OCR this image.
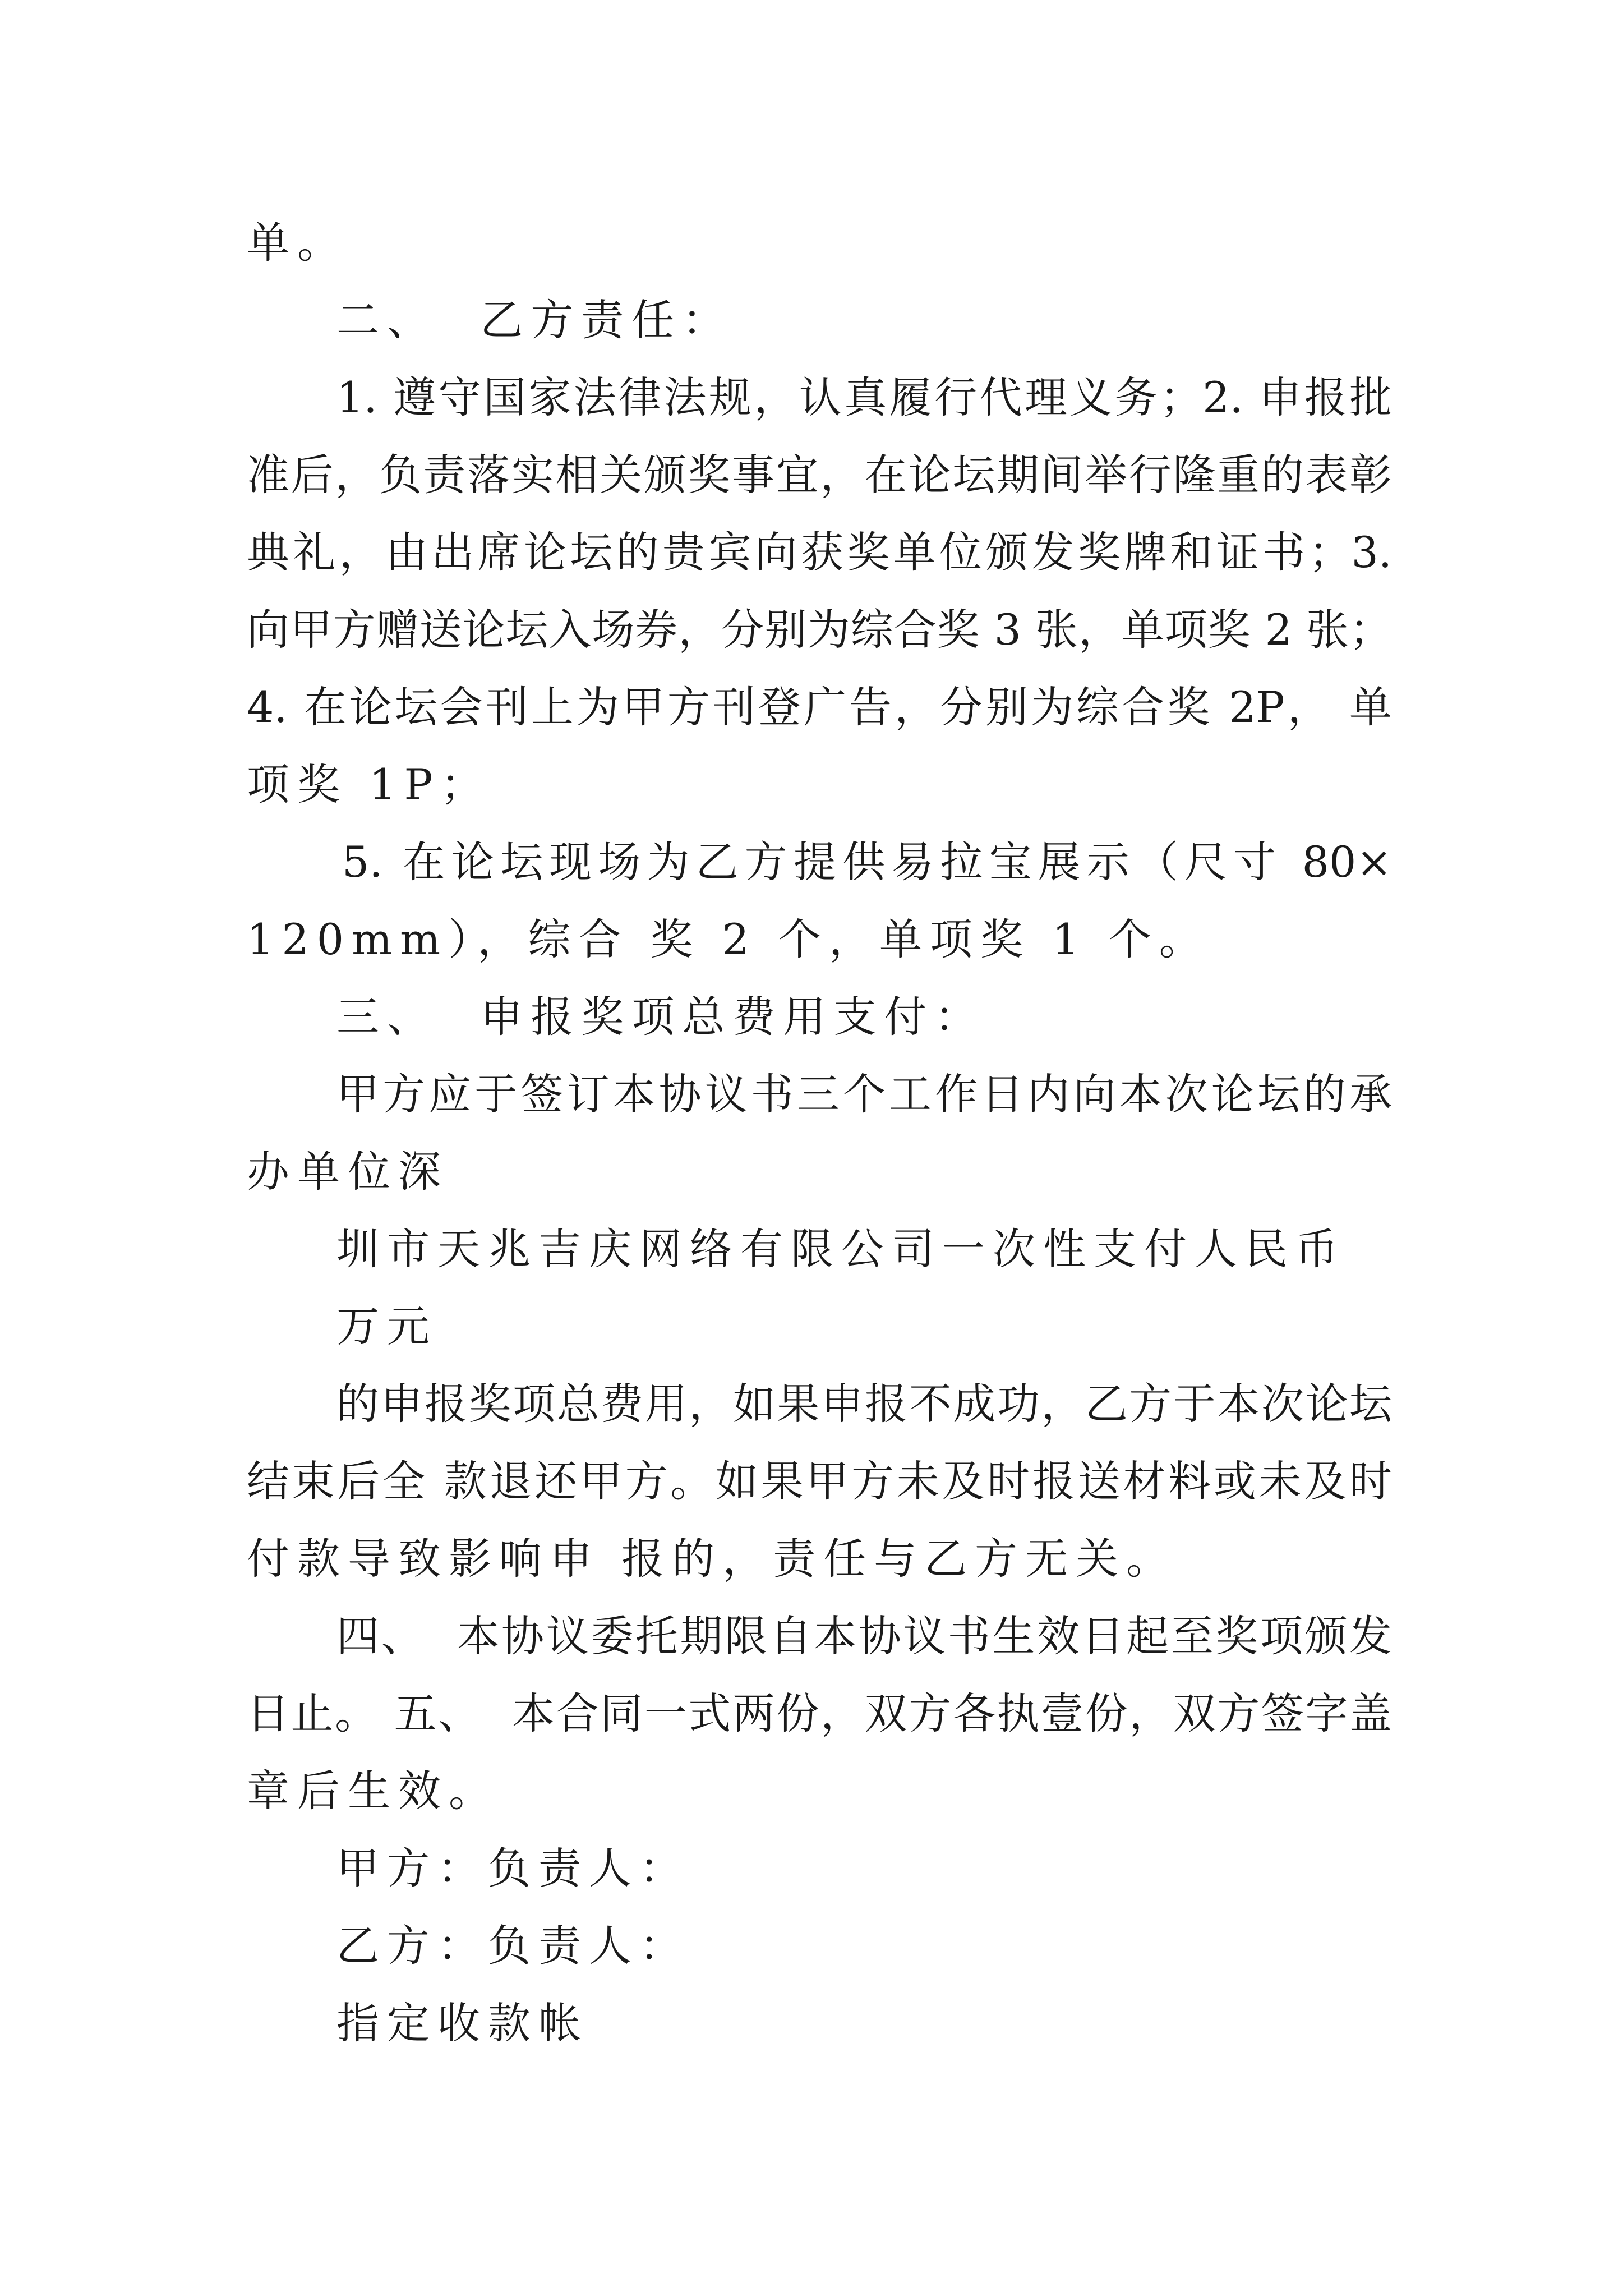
单。
二、  乙方责任：
1. 遵守国家法律法规，认真履行代理义务；2. 申报批
准后，负责落实相关颁奖事宜，在论坛期间举行隆重的表彰
典礼，由出席论坛的贵宾向获奖单位颁发奖牌和证书；3.
向甲方赠送论坛入场券，分别为综合奖 3 张，单项奖 2 张；
4. 在论坛会刊上为甲方刊登广告，分别为综合奖 2P， 单
项奖 1P；
5. 在论坛现场为乙方提供易拉宝展示（尺寸 80×
120mm），综合 奖 2 个，单项奖 1 个。
三、  申报奖项总费用支付：
甲方应于签订本协议书三个工作日内向本次论坛的承
办单位深
圳市天兆吉庆网络有限公司一次性支付人民币
万元
的申报奖项总费用，如果申报不成功，乙方于本次论坛
结束后全 款退还甲方。如果甲方未及时报送材料或未及时
付款导致影响申 报的，责任与乙方无关。
四、  本协议委托期限自本协议书生效日起至奖项颁发
日止。 五、  本合同一式两份，双方各执壹份，双方签字盖
章后生效。
甲方：负责人：
乙方：负责人：
指定收款帐
